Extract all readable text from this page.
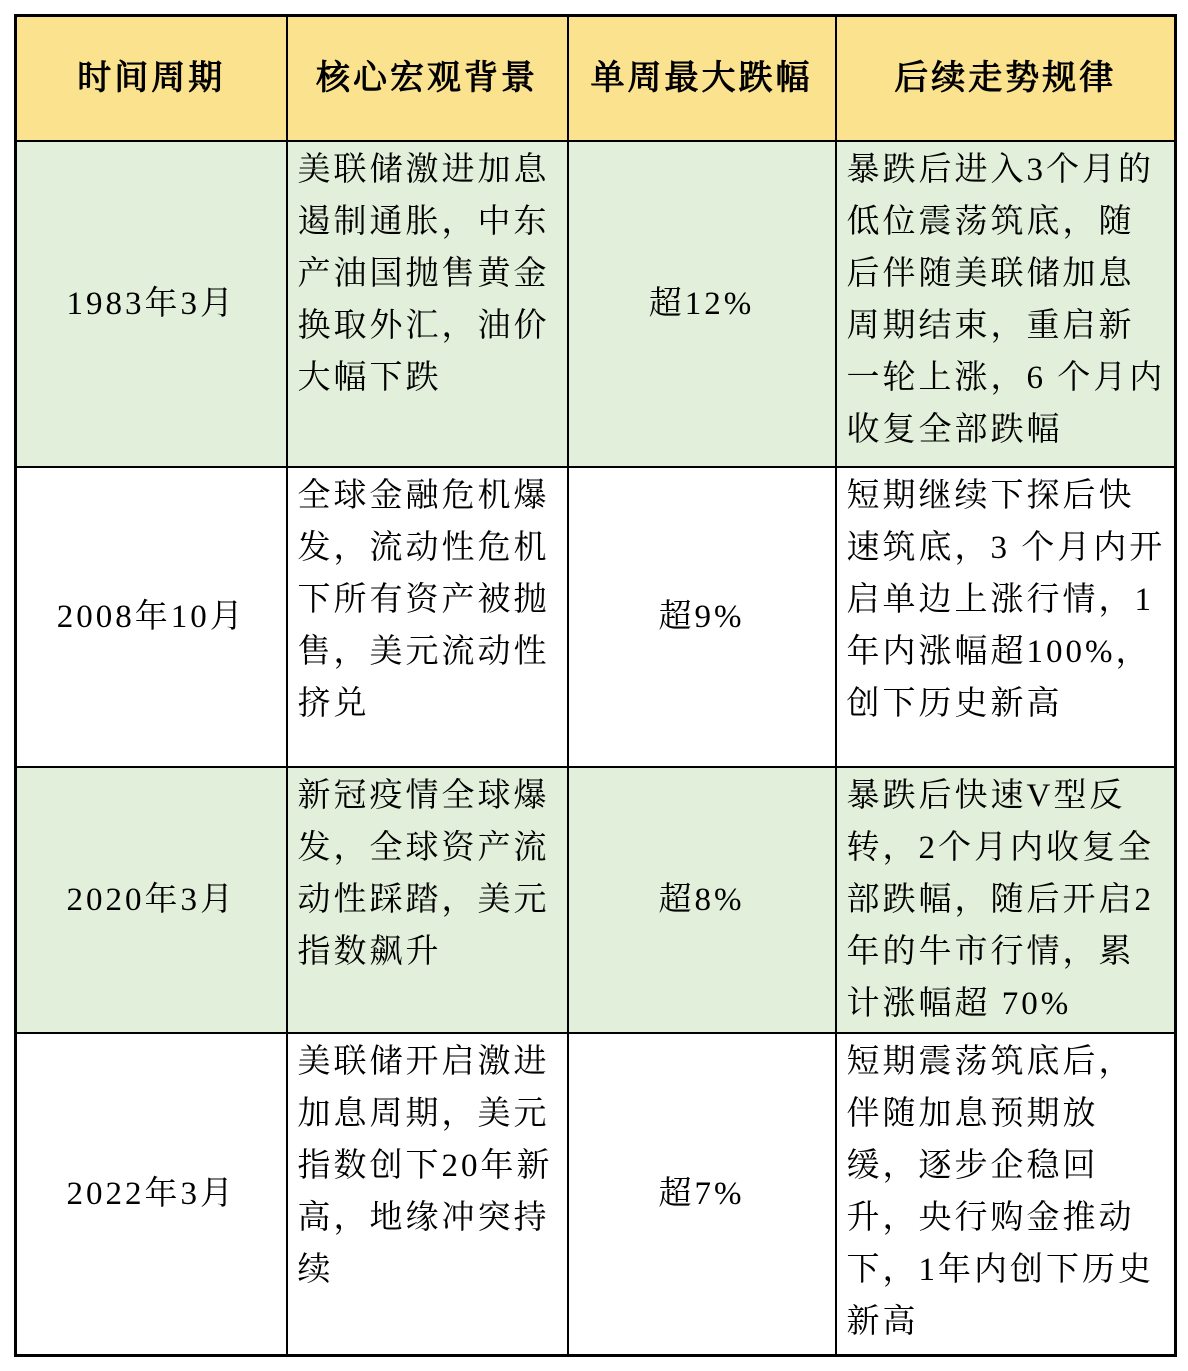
时间周期	核心宏观背景	单周最大跌幅	后续走势规律
1983年3月	美联储激进加息遏制通胀，中东产油国抛售黄金换取外汇，油价大幅下跌	超12%	暴跌后进入3个月的低位震荡筑底，随后伴随美联储加息周期结束，重启新一轮上涨，6 个月内收复全部跌幅
2008年10月	全球金融危机爆发，流动性危机下所有资产被抛售，美元流动性挤兑	超9%	短期继续下探后快速筑底，3 个月内开启单边上涨行情，1 年内涨幅超100%，创下历史新高
2020年3月	新冠疫情全球爆发，全球资产流动性踩踏，美元指数飙升	超8%	暴跌后快速V型反转，2个月内收复全部跌幅，随后开启2年的牛市行情，累计涨幅超 70%
2022年3月	美联储开启激进加息周期，美元指数创下20年新高，地缘冲突持续	超7%	短期震荡筑底后，伴随加息预期放缓，逐步企稳回升，央行购金推动下，1年内创下历史新高
